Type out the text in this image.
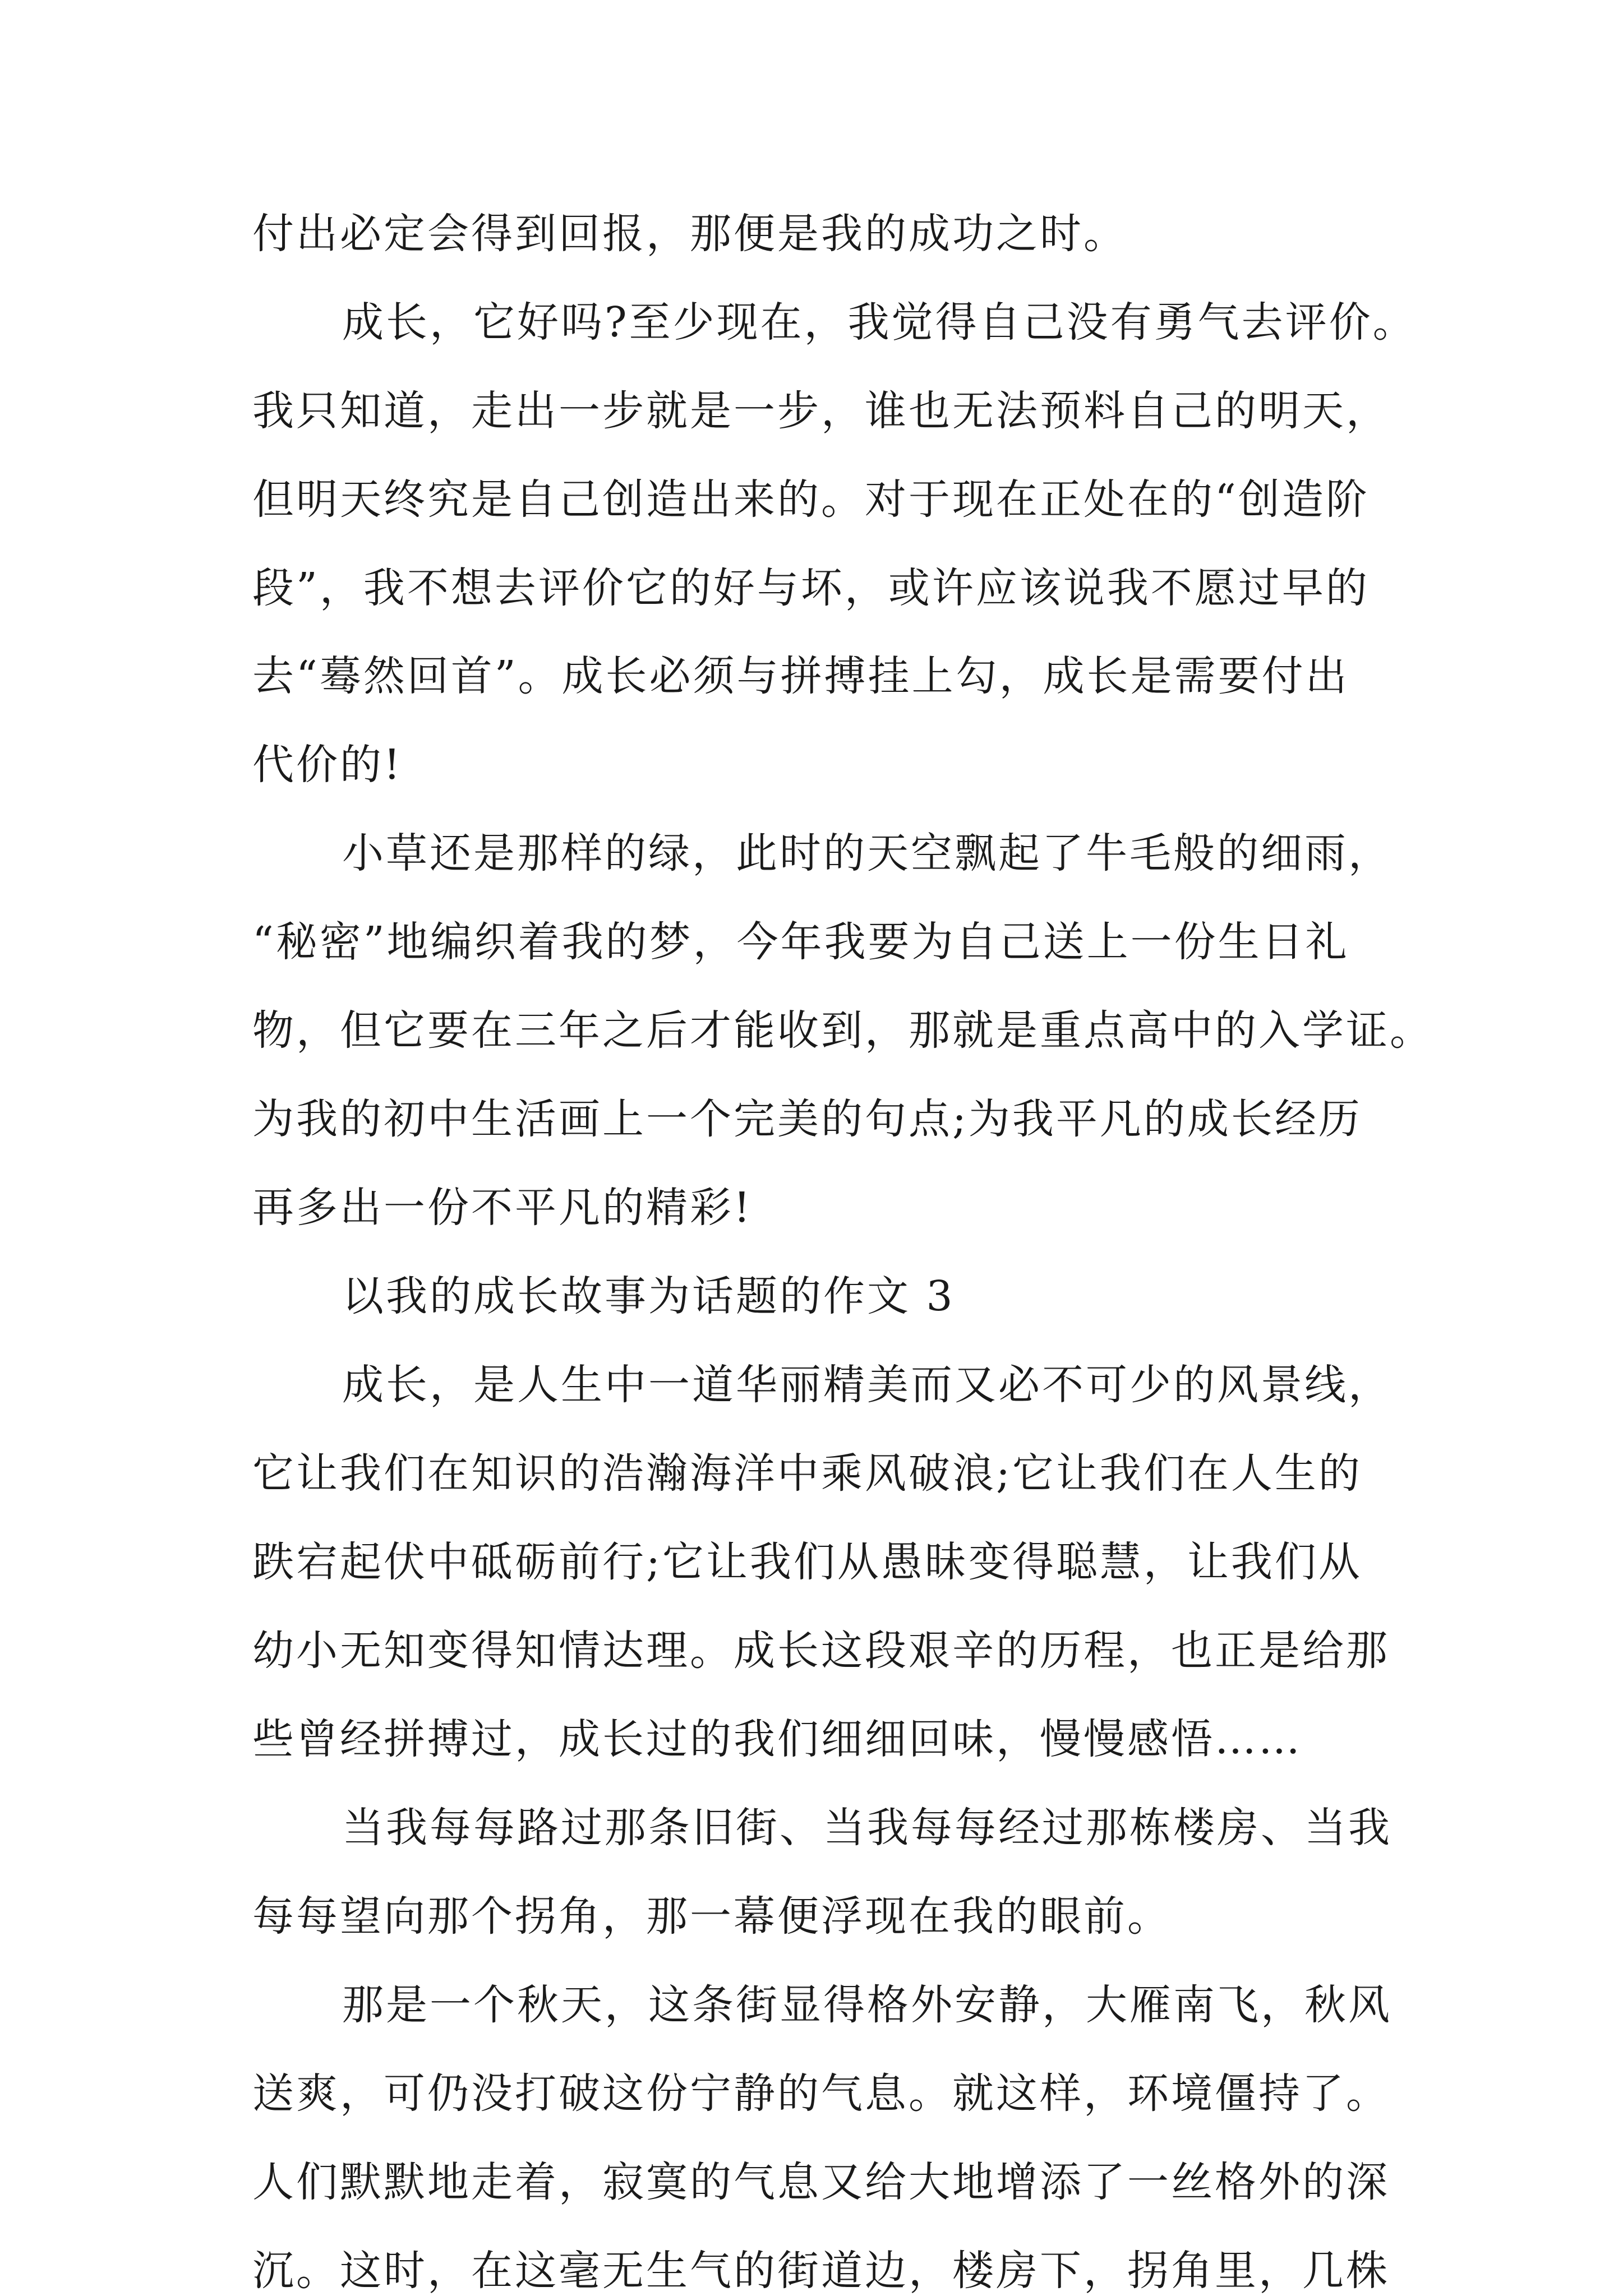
付出必定会得到回报，那便是我的成功之时。
成长，它好吗?至少现在，我觉得自己没有勇气去评价。
我只知道，走出一步就是一步，谁也无法预料自己的明天，
但明天终究是自己创造出来的。对于现在正处在的“创造阶
段”，我不想去评价它的好与坏，或许应该说我不愿过早的
去“蓦然回首”。成长必须与拼搏挂上勾，成长是需要付出
代价的!
小草还是那样的绿，此时的天空飘起了牛毛般的细雨，
“秘密”地编织着我的梦，今年我要为自己送上一份生日礼
物，但它要在三年之后才能收到，那就是重点高中的入学证。
为我的初中生活画上一个完美的句点;为我平凡的成长经历
再多出一份不平凡的精彩!
以我的成长故事为话题的作文 3
成长，是人生中一道华丽精美而又必不可少的风景线，
它让我们在知识的浩瀚海洋中乘风破浪;它让我们在人生的
跌宕起伏中砥砺前行;它让我们从愚昧变得聪慧，让我们从
幼小无知变得知情达理。成长这段艰辛的历程，也正是给那
些曾经拼搏过，成长过的我们细细回味，慢慢感悟……
当我每每路过那条旧街、当我每每经过那栋楼房、当我
每每望向那个拐角，那一幕便浮现在我的眼前。
那是一个秋天，这条街显得格外安静，大雁南飞，秋风
送爽，可仍没打破这份宁静的气息。就这样，环境僵持了。
人们默默地走着，寂寞的气息又给大地增添了一丝格外的深
沉。这时，在这毫无生气的街道边，楼房下，拐角里，几株
